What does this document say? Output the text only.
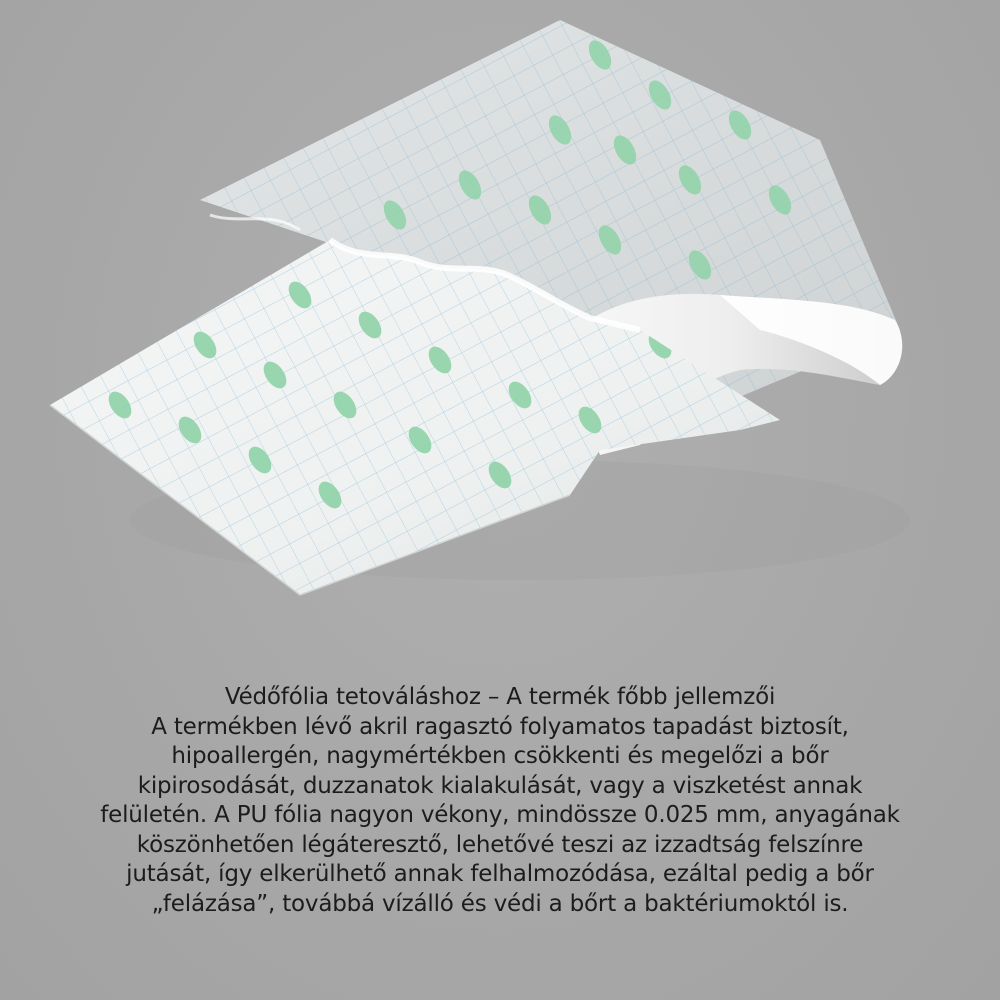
Védőfólia tetováláshoz – A termék főbb jellemzői
A termékben lévő akril ragasztó folyamatos tapadást biztosít,
hipoallergén, nagymértékben csökkenti és megelőzi a bőr
kipirosodását, duzzanatok kialakulását, vagy a viszketést annak
felületén. A PU fólia nagyon vékony, mindössze 0.025 mm, anyagának
köszönhetően légáteresztő, lehetővé teszi az izzadtság felszínre
jutását, így elkerülhető annak felhalmozódása, ezáltal pedig a bőr
„felázása”, továbbá vízálló és védi a bőrt a baktériumoktól is.
